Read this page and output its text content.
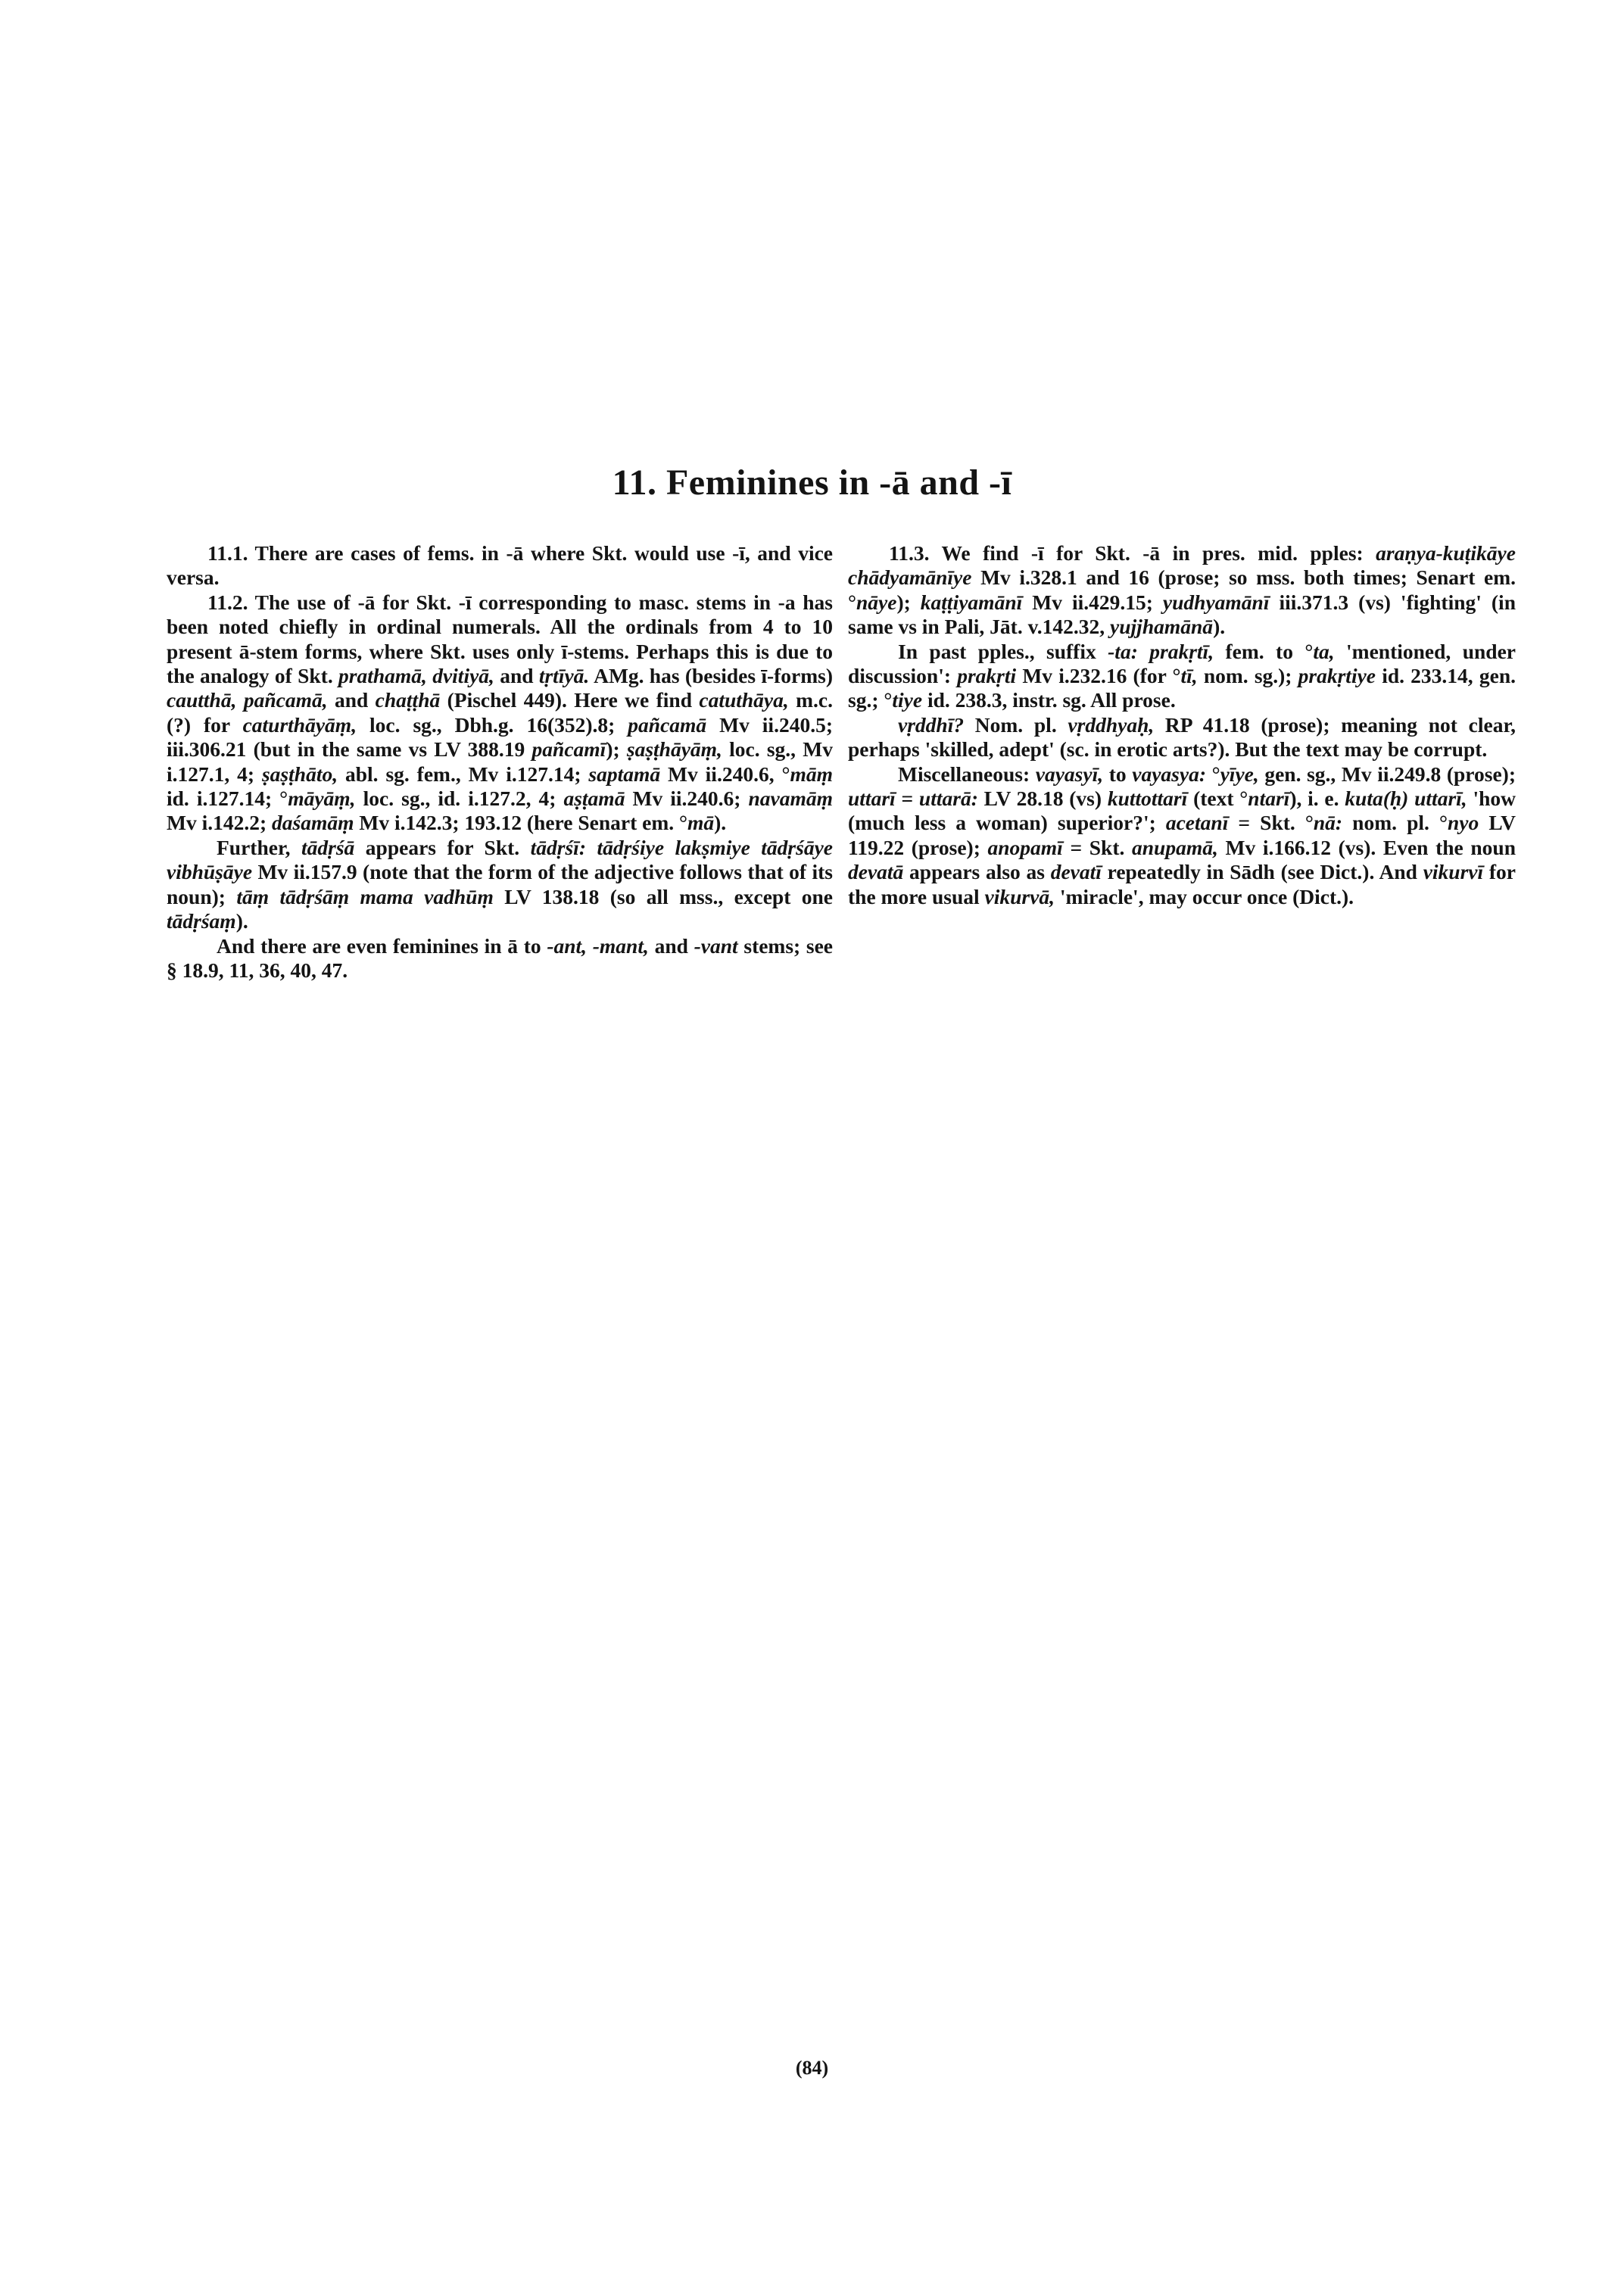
11. Feminines in -ā and -ī

11.1. There are cases of fems. in -ā where Skt. would use -ī, and vice versa.

11.2. The use of -ā for Skt. -ī corresponding to masc. stems in -a has been noted chiefly in ordinal numerals. All the ordinals from 4 to 10 present ā-stem forms, where Skt. uses only ī-stems. Perhaps this is due to the analogy of Skt. prathamā, dvitiyā, and tṛtīyā. AMg. has (besides ī-forms) cautthā, pañcamā, and chaṭṭhā (Pischel 449). Here we find catuthāya, m.c. (?) for caturthāyāṃ, loc. sg., Dbh.g. 16(352).8; pañcamā Mv ii.240.5; iii.306.21 (but in the same vs LV 388.19 pañcamī); ṣaṣṭhāyāṃ, loc. sg., Mv i.127.1, 4; ṣaṣṭhāto, abl. sg. fem., Mv i.127.14; saptamā Mv ii.240.6, °māṃ id. i.127.14; °māyāṃ, loc. sg., id. i.127.2, 4; aṣṭamā Mv ii.240.6; navamāṃ Mv i.142.2; daśamāṃ Mv i.142.3; 193.12 (here Senart em. °mā).

Further, tādṛśā appears for Skt. tādṛśī: tādṛśiye lakṣmiye tādṛśāye vibhūṣāye Mv ii.157.9 (note that the form of the adjective follows that of its noun); tāṃ tādṛśāṃ mama vadhūṃ LV 138.18 (so all mss., except one tādṛśaṃ).

And there are even feminines in ā to -ant, -mant, and -vant stems; see § 18.9, 11, 36, 40, 47.

11.3. We find -ī for Skt. -ā in pres. mid. pples: araṇya-kuṭikāye chādyamānīye Mv i.328.1 and 16 (prose; so mss. both times; Senart em. °nāye); kaṭṭiyamānī Mv ii.429.15; yudhyamānī iii.371.3 (vs) 'fighting' (in same vs in Pali, Jāt. v.142.32, yujjhamānā).

In past pples., suffix -ta: prakṛtī, fem. to °ta, 'mentioned, under discussion': prakṛti Mv i.232.16 (for °tī, nom. sg.); prakṛtiye id. 233.14, gen. sg.; °tiye id. 238.3, instr. sg. All prose.

vṛddhī? Nom. pl. vṛddhyaḥ, RP 41.18 (prose); meaning not clear, perhaps 'skilled, adept' (sc. in erotic arts?). But the text may be corrupt.

Miscellaneous: vayasyī, to vayasya: °yīye, gen. sg., Mv ii.249.8 (prose); uttarī = uttarā: LV 28.18 (vs) kuttottarī (text °ntarī), i. e. kuta(ḥ) uttarī, 'how (much less a woman) superior?'; acetanī = Skt. °nā: nom. pl. °nyo LV 119.22 (prose); anopamī = Skt. anupamā, Mv i.166.12 (vs). Even the noun devatā appears also as devatī repeatedly in Sādh (see Dict.). And vikurvī for the more usual vikurvā, 'miracle', may occur once (Dict.).

(84)
